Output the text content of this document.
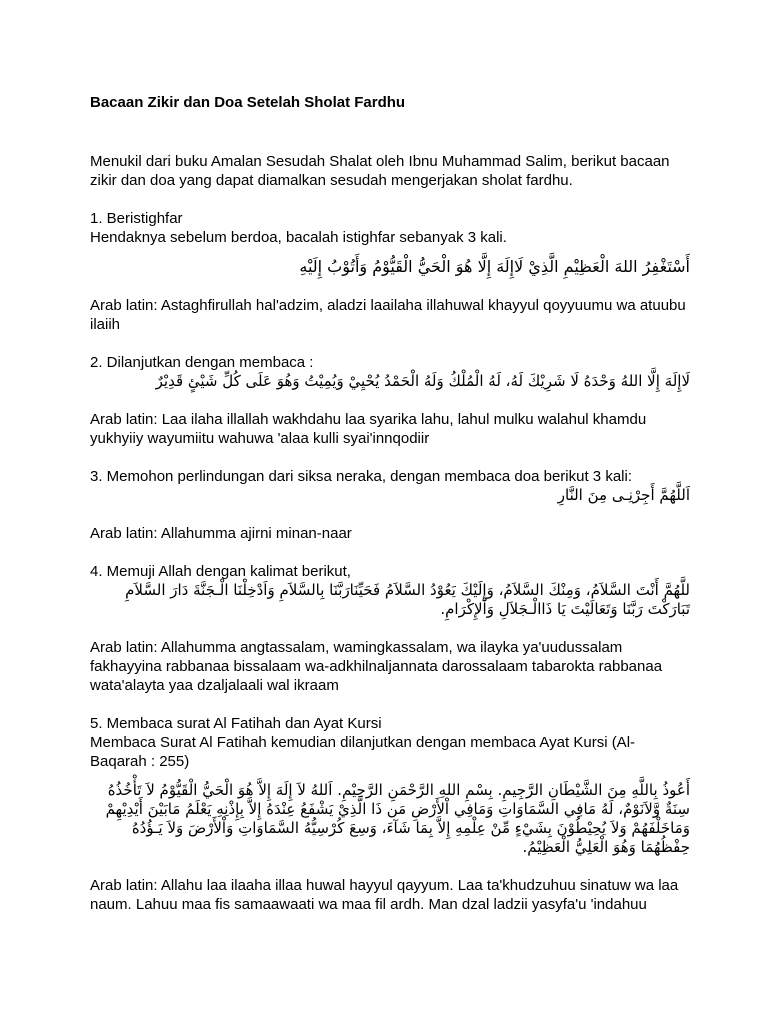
Bacaan Zikir dan Doa Setelah Sholat Fardhu

Menukil dari buku Amalan Sesudah Shalat oleh Ibnu Muhammad Salim, berikut bacaan zikir dan doa yang dapat diamalkan sesudah mengerjakan sholat fardhu.

1. Beristighfar

Hendaknya sebelum berdoa, bacalah istighfar sebanyak 3 kali.

أَسْتَغْفِرُ اللهَ الْعَظِيْمِ الَّذِيْ لَاإِلَهَ إِلَّا هُوَ الْحَيُّ الْقَيُّوْمُ وَأَتُوْبُ إِلَيْهِ

Arab latin: Astaghfirullah hal'adzim, aladzi laailaha illahuwal khayyul qoyyuumu wa atuubu ilaiih

2. Dilanjutkan dengan membaca :

لَاإِلَهَ إِلَّا اللهُ وَحْدَهُ لَا شَرِيْكَ لَهُ، لَهُ الْمُلْكُ وَلَهُ الْحَمْدُ يُحْيِيْ وَيُمِيْتُ وَهُوَ عَلَى كُلِّ شَيْئٍ قَدِيْرٌ

Arab latin: Laa ilaha illallah wakhdahu laa syarika lahu, lahul mulku walahul khamdu yukhyiiy wayumiitu wahuwa 'alaa kulli syai'innqodiir

3. Memohon perlindungan dari siksa neraka, dengan membaca doa berikut 3 kali:

اَللَّهُمَّ أَجِرْنِـى مِنَ النَّارِ

Arab latin: Allahumma ajirni minan-naar

4. Memuji Allah dengan kalimat berikut,

للَّهُمَّ أَنْتَ السَّلاَمُ، وَمِنْكَ السَّلاَمُ، وَإِلَيْكَ يَعُوْدُ السَّلاَمُ فَحَيِّنَارَبَّنَا بِالسَّلاَمِ وَاَدْخِلْنَا الْـجَنَّةَ دَارَ السَّلاَمِ تَبَارَكْتَ رَبَّنَا وَتَعَالَيْتَ يَا ذَاالْـجَلاَلِ وَاْلإِكْرَامِ.

Arab latin: Allahumma angtassalam, wamingkassalam, wa ilayka ya'uudussalam fakhayyina rabbanaa bissalaam wa-adkhilnaljannata darossalaam tabarokta rabbanaa wata'alayta yaa dzaljalaali wal ikraam

5. Membaca surat Al Fatihah dan Ayat Kursi

Membaca Surat Al Fatihah kemudian dilanjutkan dengan membaca Ayat Kursi (Al-Baqarah : 255)

أَعُوذُ بِاللَّهِ مِنَ الشَّيْطَانِ الرَّجِيمِ. بِسْمِ اللهِ الرَّحْمَنِ الرَّحِيْمِ. اَللهُ لاَ إِلَهَ إِلاَّ هُوَ الْحَيُّ الْقَيُّوْمُ لاَ تَأْخُذُهُ سِنَةٌ وَّلاَنَوْمٌ، لَهُ مَافِي السَّمَاوَاتِ وَمَافِي اْلأَرْضِ مَن ذَا الَّذِيْ يَشْفَعُ عِنْدَهُ إِلاَّ بِإِذْنِهِ يَعْلَمُ مَابَيْنَ أَيْدِيْهِمْ وَمَاخَلْفَهُمْ وَلاَ يُحِيْطُوْنَ بِشَيْءٍ مِّنْ عِلْمِهِ إِلاَّ بِمَا شَآءَ، وَسِعَ كُرْسِيُّهُ السَّمَاوَاتِ وَاْلأَرْضَ وَلاَ يَـؤُدُهُ حِفْظُهُمَا وَهُوَ الْعَلِيُّ الْعَظِيْمُ.

Arab latin: Allahu laa ilaaha illaa huwal hayyul qayyum. Laa ta'khudzuhuu sinatuw wa laa naum. Lahuu maa fis samaawaati wa maa fil ardh. Man dzal ladzii yasyfa'u 'indahuu
